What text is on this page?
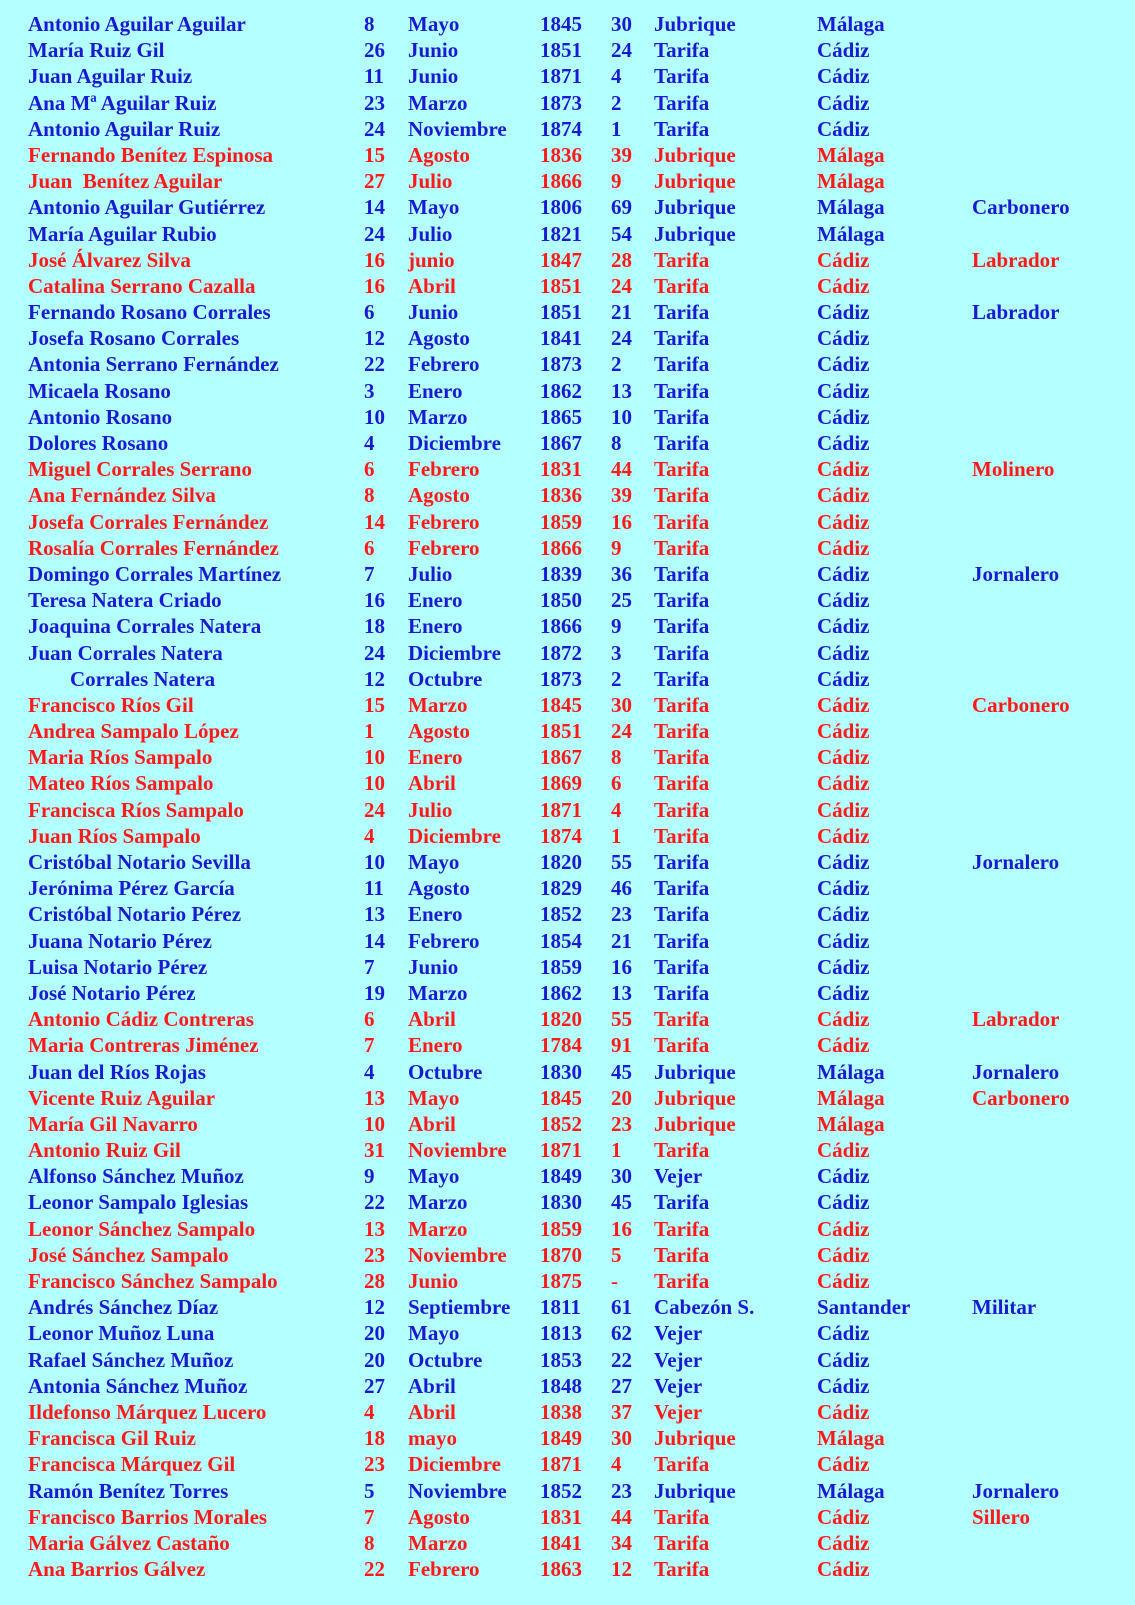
Antonio Aguilar Aguilar	8 Mayo	1845 30 Jubrique	Málaga
María Ruiz Gil	26 Junio	1851 24 Tarifa	Cádiz
Juan Aguilar Ruiz	11 Junio	1871 4 Tarifa	Cádiz
Ana Mª Aguilar Ruiz	23 Marzo	1873 2 Tarifa	Cádiz
Antonio Aguilar Ruiz	24 Noviembre 1874 1 Tarifa	Cádiz
Fernando Benítez Espinosa	15 Agosto	1836 39 Jubrique	Málaga
Juan  Benítez Aguilar	27 Julio	1866 9 Jubrique	Málaga
Antonio Aguilar Gutiérrez	14 Mayo	1806 69 Jubrique	Málaga	Carbonero
María Aguilar Rubio	24 Julio	1821 54 Jubrique	Málaga
José Álvarez Silva	16 junio	1847 28 Tarifa	Cádiz	Labrador
Catalina Serrano Cazalla	16 Abril	1851 24 Tarifa	Cádiz
Fernando Rosano Corrales	6 Junio	1851 21 Tarifa	Cádiz	Labrador
Josefa Rosano Corrales	12 Agosto	1841 24 Tarifa	Cádiz
Antonia Serrano Fernández	22 Febrero	1873 2 Tarifa	Cádiz
Micaela Rosano	3 Enero	1862 13 Tarifa	Cádiz
Antonio Rosano	10 Marzo	1865 10 Tarifa	Cádiz
Dolores Rosano	4 Diciembre 1867 8 Tarifa	Cádiz
Miguel Corrales Serrano	6 Febrero	1831 44 Tarifa	Cádiz	Molinero
Ana Fernández Silva	8 Agosto	1836 39 Tarifa	Cádiz
Josefa Corrales Fernández	14 Febrero	1859 16 Tarifa	Cádiz
Rosalía Corrales Fernández	6 Febrero	1866 9 Tarifa	Cádiz
Domingo Corrales Martínez	7 Julio	1839 36 Tarifa	Cádiz	Jornalero
Teresa Natera Criado	16 Enero	1850 25 Tarifa	Cádiz
Joaquina Corrales Natera	18 Enero	1866 9 Tarifa	Cádiz
Juan Corrales Natera	24 Diciembre 1872 3 Tarifa	Cádiz
Corrales Natera	12 Octubre	1873 2 Tarifa	Cádiz
Francisco Ríos Gil	15 Marzo	1845 30 Tarifa	Cádiz	Carbonero
Andrea Sampalo López	1 Agosto	1851 24 Tarifa	Cádiz
Maria Ríos Sampalo	10 Enero	1867 8 Tarifa	Cádiz
Mateo Ríos Sampalo	10 Abril	1869 6 Tarifa	Cádiz
Francisca Ríos Sampalo	24 Julio	1871 4 Tarifa	Cádiz
Juan Ríos Sampalo	4 Diciembre 1874 1 Tarifa	Cádiz
Cristóbal Notario Sevilla	10 Mayo	1820 55 Tarifa	Cádiz	Jornalero
Jerónima Pérez García	11 Agosto	1829 46 Tarifa	Cádiz
Cristóbal Notario Pérez	13 Enero	1852 23 Tarifa	Cádiz
Juana Notario Pérez	14 Febrero	1854 21 Tarifa	Cádiz
Luisa Notario Pérez	7 Junio	1859 16 Tarifa	Cádiz
José Notario Pérez	19 Marzo	1862 13 Tarifa	Cádiz
Antonio Cádiz Contreras	6 Abril	1820 55 Tarifa	Cádiz	Labrador
Maria Contreras Jiménez	7 Enero	1784 91 Tarifa	Cádiz
Juan del Ríos Rojas	4 Octubre	1830 45 Jubrique	Málaga	Jornalero
Vicente Ruiz Aguilar	13 Mayo	1845 20 Jubrique	Málaga	Carbonero
María Gil Navarro	10 Abril	1852 23 Jubrique	Málaga
Antonio Ruiz Gil	31 Noviembre 1871 1 Tarifa	Cádiz
Alfonso Sánchez Muñoz	9 Mayo	1849 30 Vejer	Cádiz
Leonor Sampalo Iglesias	22 Marzo	1830 45 Tarifa	Cádiz
Leonor Sánchez Sampalo	13 Marzo	1859 16 Tarifa	Cádiz
José Sánchez Sampalo	23 Noviembre 1870 5 Tarifa	Cádiz
Francisco Sánchez Sampalo	28 Junio	1875 - Tarifa	Cádiz
Andrés Sánchez Díaz	12 Septiembre 1811 61 Cabezón S.	Santander	Militar
Leonor Muñoz Luna	20 Mayo	1813 62 Vejer	Cádiz
Rafael Sánchez Muñoz	20 Octubre	1853 22 Vejer	Cádiz
Antonia Sánchez Muñoz	27 Abril	1848 27 Vejer	Cádiz
Ildefonso Márquez Lucero	4 Abril	1838 37 Vejer	Cádiz
Francisca Gil Ruiz	18 mayo	1849 30 Jubrique	Málaga
Francisca Márquez Gil	23 Diciembre 1871 4 Tarifa	Cádiz
Ramón Benítez Torres	5 Noviembre 1852 23 Jubrique	Málaga	Jornalero
Francisco Barrios Morales	7 Agosto	1831 44 Tarifa	Cádiz	Sillero
Maria Gálvez Castaño	8 Marzo	1841 34 Tarifa	Cádiz
Ana Barrios Gálvez	22 Febrero	1863 12 Tarifa	Cádiz
